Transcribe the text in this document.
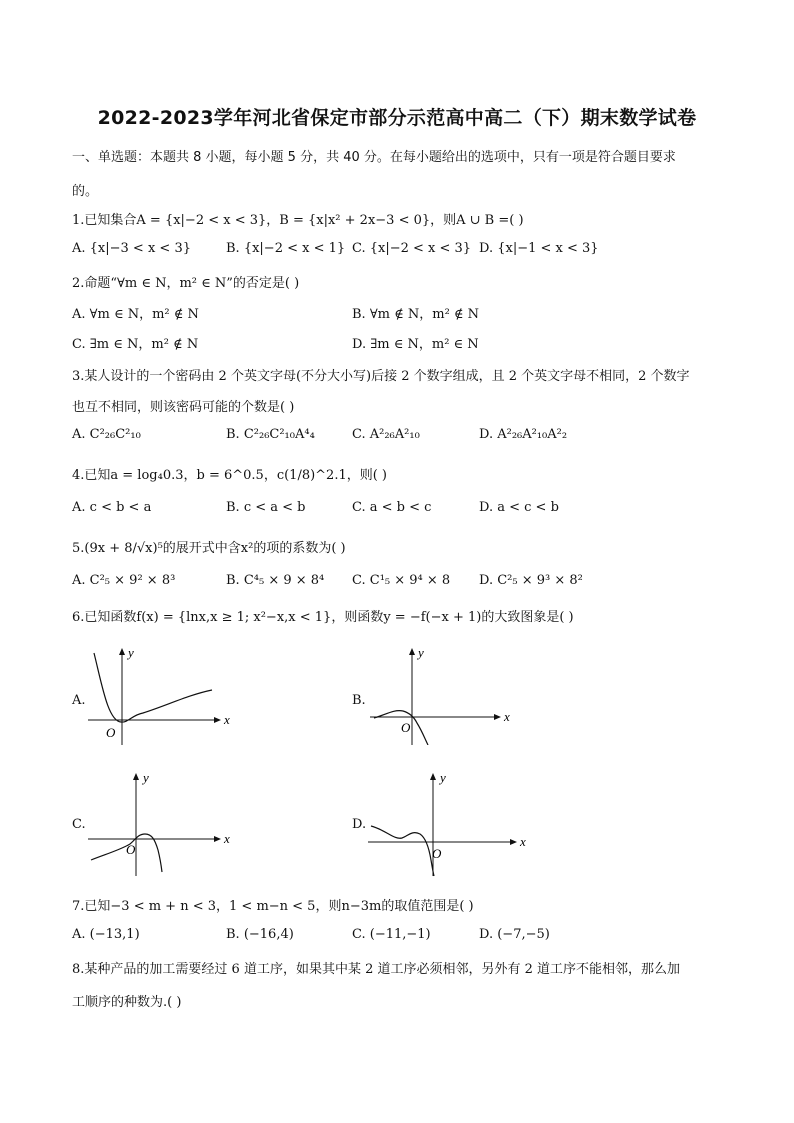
2022-2023学年河北省保定市部分示范高中高二（下）期末数学试卷
一、单选题：本题共 8 小题，每小题 5 分，共 40 分。在每小题给出的选项中，只有一项是符合题目要求
的。
1.已知集合A = {x|−2 < x < 3}，B = {x|x² + 2x−3 < 0}，则A ∪ B =( )
A. {x|−3 < x < 3}	B. {x|−2 < x < 1} C. {x|−2 < x < 3} D. {x|−1 < x < 3}
2.命题“∀m ∈ N，m² ∈ N”的否定是( )
A. ∀m ∈ N，m² ∉ N	B. ∀m ∉ N，m² ∉ N
C. ∃m ∈ N，m² ∉ N	D. ∃m ∈ N，m² ∈ N
3.某人设计的一个密码由 2 个英文字母(不分大小写)后接 2 个数字组成，且 2 个英文字母不相同，2 个数字
也互不相同，则该密码可能的个数是( )
A. C²₂₆C²₁₀	B. C²₂₆C²₁₀A⁴₄	C. A²₂₆A²₁₀	D. A²₂₆A²₁₀A²₂
4.已知a = log₄0.3，b = 6^0.5，c(1/8)^2.1，则( )
A. c < b < a	B. c < a < b	C. a < b < c	D. a < c < b
5.(9x + 8/√x)⁵的展开式中含x²的项的系数为( )
A. C²₅ × 9² × 8³	B. C⁴₅ × 9 × 8⁴ C. C¹₅ × 9⁴ × 8 D. C²₅ × 9³ × 8²
6.已知函数f(x) = {lnx,x ≥ 1; x²−x,x < 1}，则函数y = −f(−x + 1)的大致图象是( )
A.
x
y
O
B.
x
y
O
C.
x
y
O
D.
x
y
O
7.已知−3 < m + n < 3，1 < m−n < 5，则n−3m的取值范围是( )
A. (−13,1)	B. (−16,4)	C. (−11,−1)	D. (−7,−5)
8.某种产品的加工需要经过 6 道工序，如果其中某 2 道工序必须相邻，另外有 2 道工序不能相邻，那么加
工顺序的种数为.( )
